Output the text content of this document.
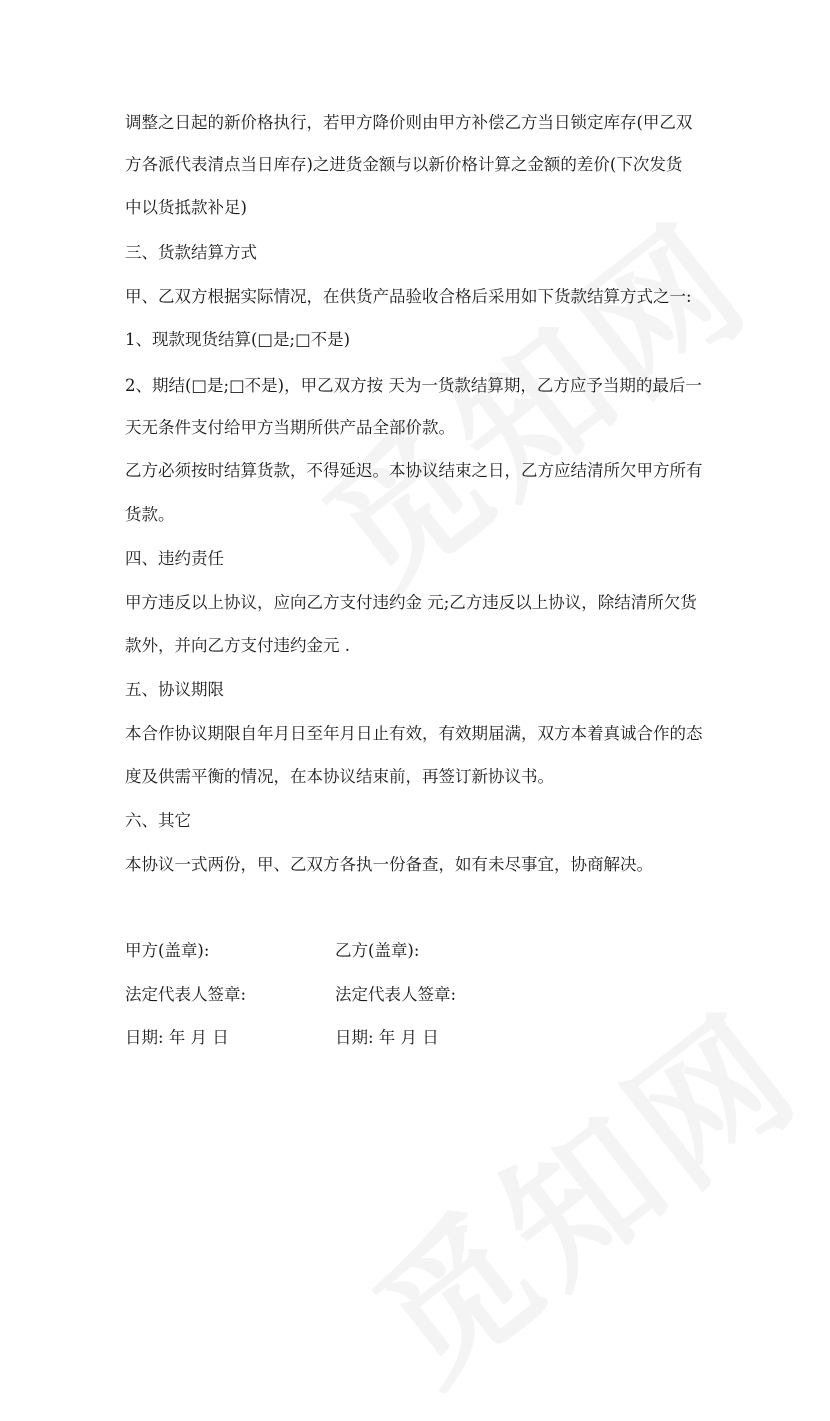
调整之日起的新价格执行，若甲方降价则由甲方补偿乙方当日锁定库存(甲乙双
方各派代表清点当日库存)之进货金额与以新价格计算之金额的差价(下次发货
中以货抵款补足)
三、货款结算方式
甲、乙双方根据实际情况，在供货产品验收合格后采用如下货款结算方式之一:
1、现款现货结算(□是;□不是)
2、期结(□是;□不是)，甲乙双方按 天为一货款结算期，乙方应予当期的最后一
天无条件支付给甲方当期所供产品全部价款。
乙方必须按时结算货款，不得延迟。本协议结束之日，乙方应结清所欠甲方所有
货款。
四、违约责任
甲方违反以上协议，应向乙方支付违约金 元;乙方违反以上协议，除结清所欠货
款外，并向乙方支付违约金元 .
五、协议期限
本合作协议期限自年月日至年月日止有效，有效期届满，双方本着真诚合作的态
度及供需平衡的情况，在本协议结束前，再签订新协议书。
六、其它
本协议一式两份，甲、乙双方各执一份备查，如有未尽事宜，协商解决。
甲方(盖章):	乙方(盖章):
法定代表人签章:	法定代表人签章:
日期: 年 月 日	日期: 年 月 日
